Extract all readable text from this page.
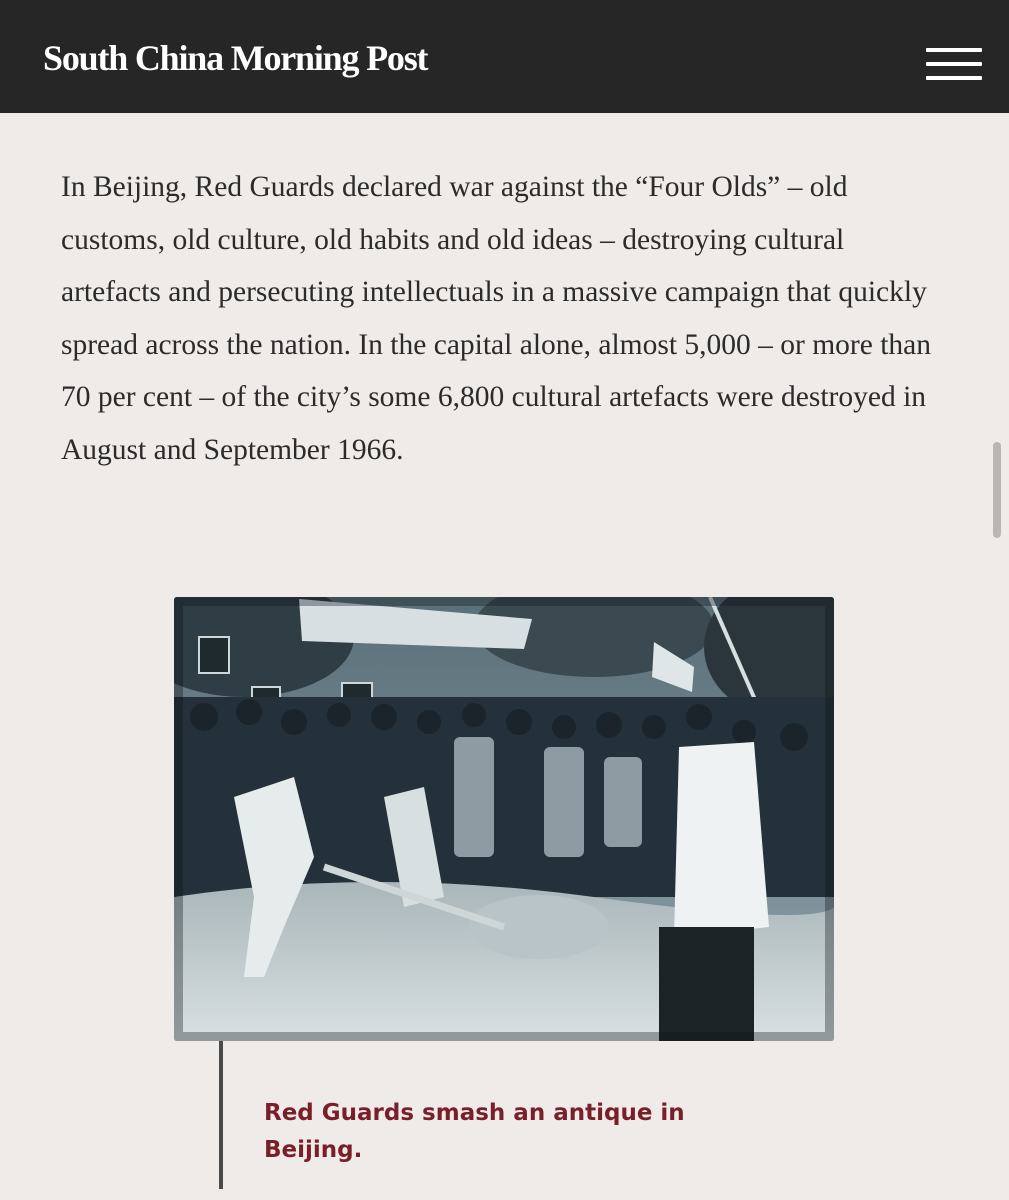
South China Morning Post

In Beijing, Red Guards declared war against the “Four Olds” – old customs, old culture, old habits and old ideas – destroying cultural artefacts and persecuting intellectuals in a massive campaign that quickly spread across the nation. In the capital alone, almost 5,000 – or more than 70 per cent – of the city’s some 6,800 cultural artefacts were destroyed in August and September 1966.

Red Guards smash an antique in Beijing.
